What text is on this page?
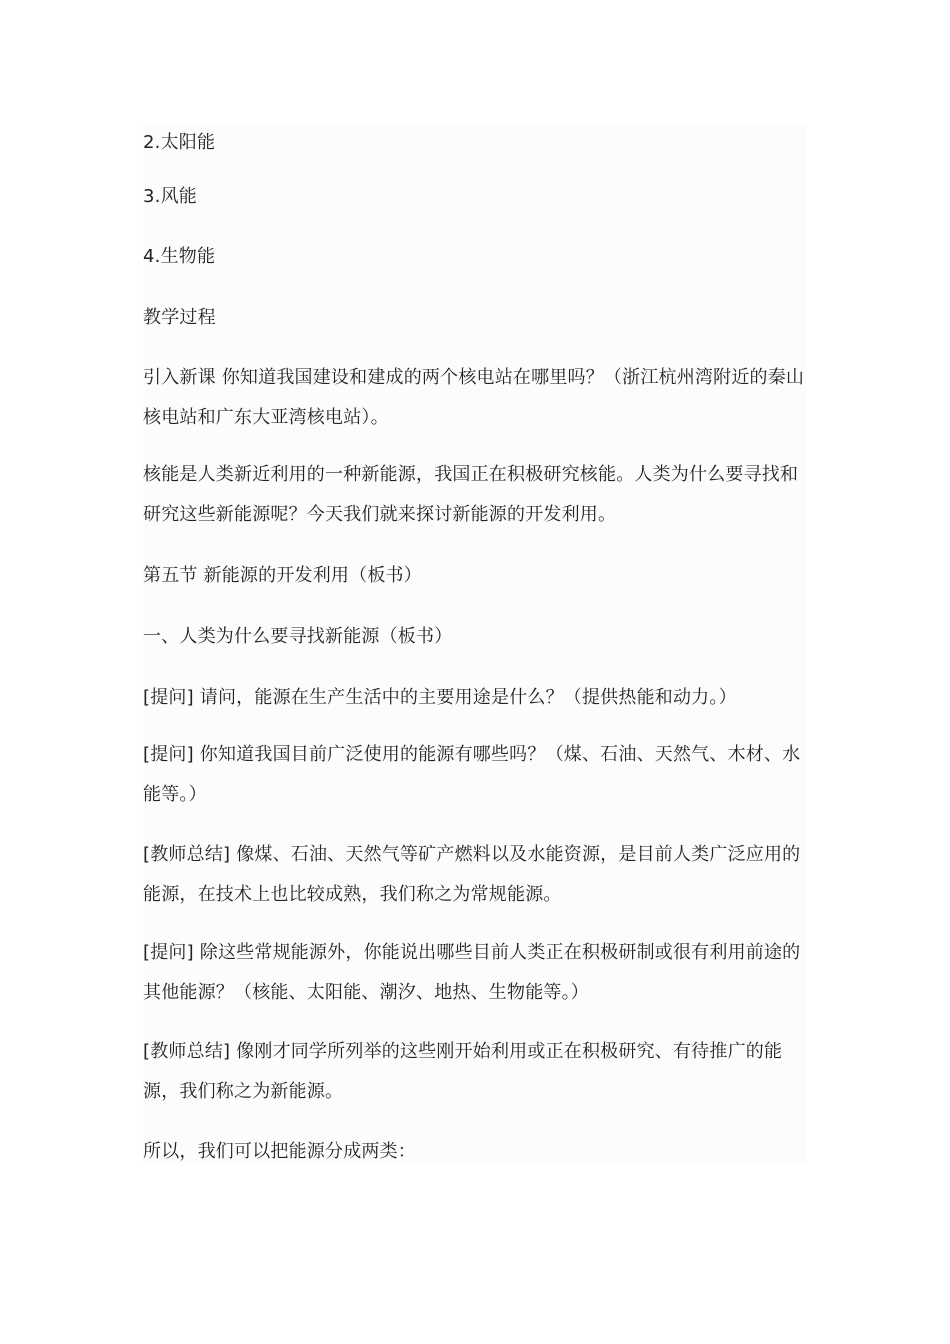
2.太阳能

3.风能

4.生物能

教学过程

引入新课 你知道我国建设和建成的两个核电站在哪里吗？（浙江杭州湾附近的秦山核电站和广东大亚湾核电站）。

核能是人类新近利用的一种新能源，我国正在积极研究核能。人类为什么要寻找和研究这些新能源呢？今天我们就来探讨新能源的开发利用。

第五节 新能源的开发利用（板书）

一、人类为什么要寻找新能源（板书）

[提问] 请问，能源在生产生活中的主要用途是什么？（提供热能和动力。）

[提问] 你知道我国目前广泛使用的能源有哪些吗？（煤、石油、天然气、木材、水能等。）

[教师总结] 像煤、石油、天然气等矿产燃料以及水能资源，是目前人类广泛应用的能源，在技术上也比较成熟，我们称之为常规能源。

[提问] 除这些常规能源外，你能说出哪些目前人类正在积极研制或很有利用前途的其他能源？（核能、太阳能、潮汐、地热、生物能等。）

[教师总结] 像刚才同学所列举的这些刚开始利用或正在积极研究、有待推广的能源，我们称之为新能源。

所以，我们可以把能源分成两类：
